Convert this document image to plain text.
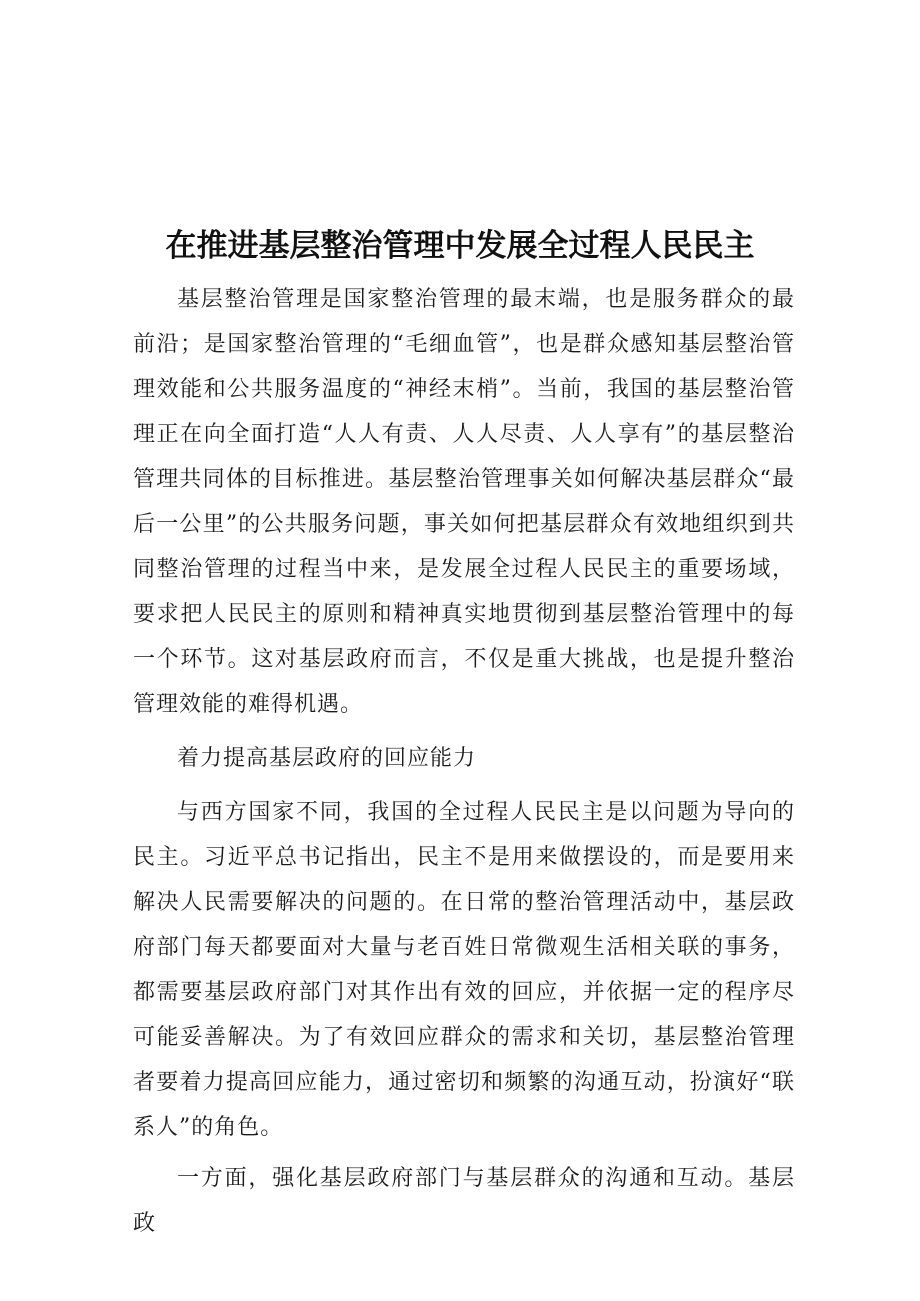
在推进基层整治管理中发展全过程人民民主

基层整治管理是国家整治管理的最末端，也是服务群众的最前沿；是国家整治管理的“毛细血管”，也是群众感知基层整治管理效能和公共服务温度的“神经末梢”。当前，我国的基层整治管理正在向全面打造“人人有责、人人尽责、人人享有”的基层整治管理共同体的目标推进。基层整治管理事关如何解决基层群众“最后一公里”的公共服务问题，事关如何把基层群众有效地组织到共同整治管理的过程当中来，是发展全过程人民民主的重要场域，要求把人民民主的原则和精神真实地贯彻到基层整治管理中的每一个环节。这对基层政府而言，不仅是重大挑战，也是提升整治管理效能的难得机遇。

着力提高基层政府的回应能力

与西方国家不同，我国的全过程人民民主是以问题为导向的民主。习近平总书记指出，民主不是用来做摆设的，而是要用来解决人民需要解决的问题的。在日常的整治管理活动中，基层政府部门每天都要面对大量与老百姓日常微观生活相关联的事务，都需要基层政府部门对其作出有效的回应，并依据一定的程序尽可能妥善解决。为了有效回应群众的需求和关切，基层整治管理者要着力提高回应能力，通过密切和频繁的沟通互动，扮演好“联系人”的角色。

一方面，强化基层政府部门与基层群众的沟通和互动。基层政
